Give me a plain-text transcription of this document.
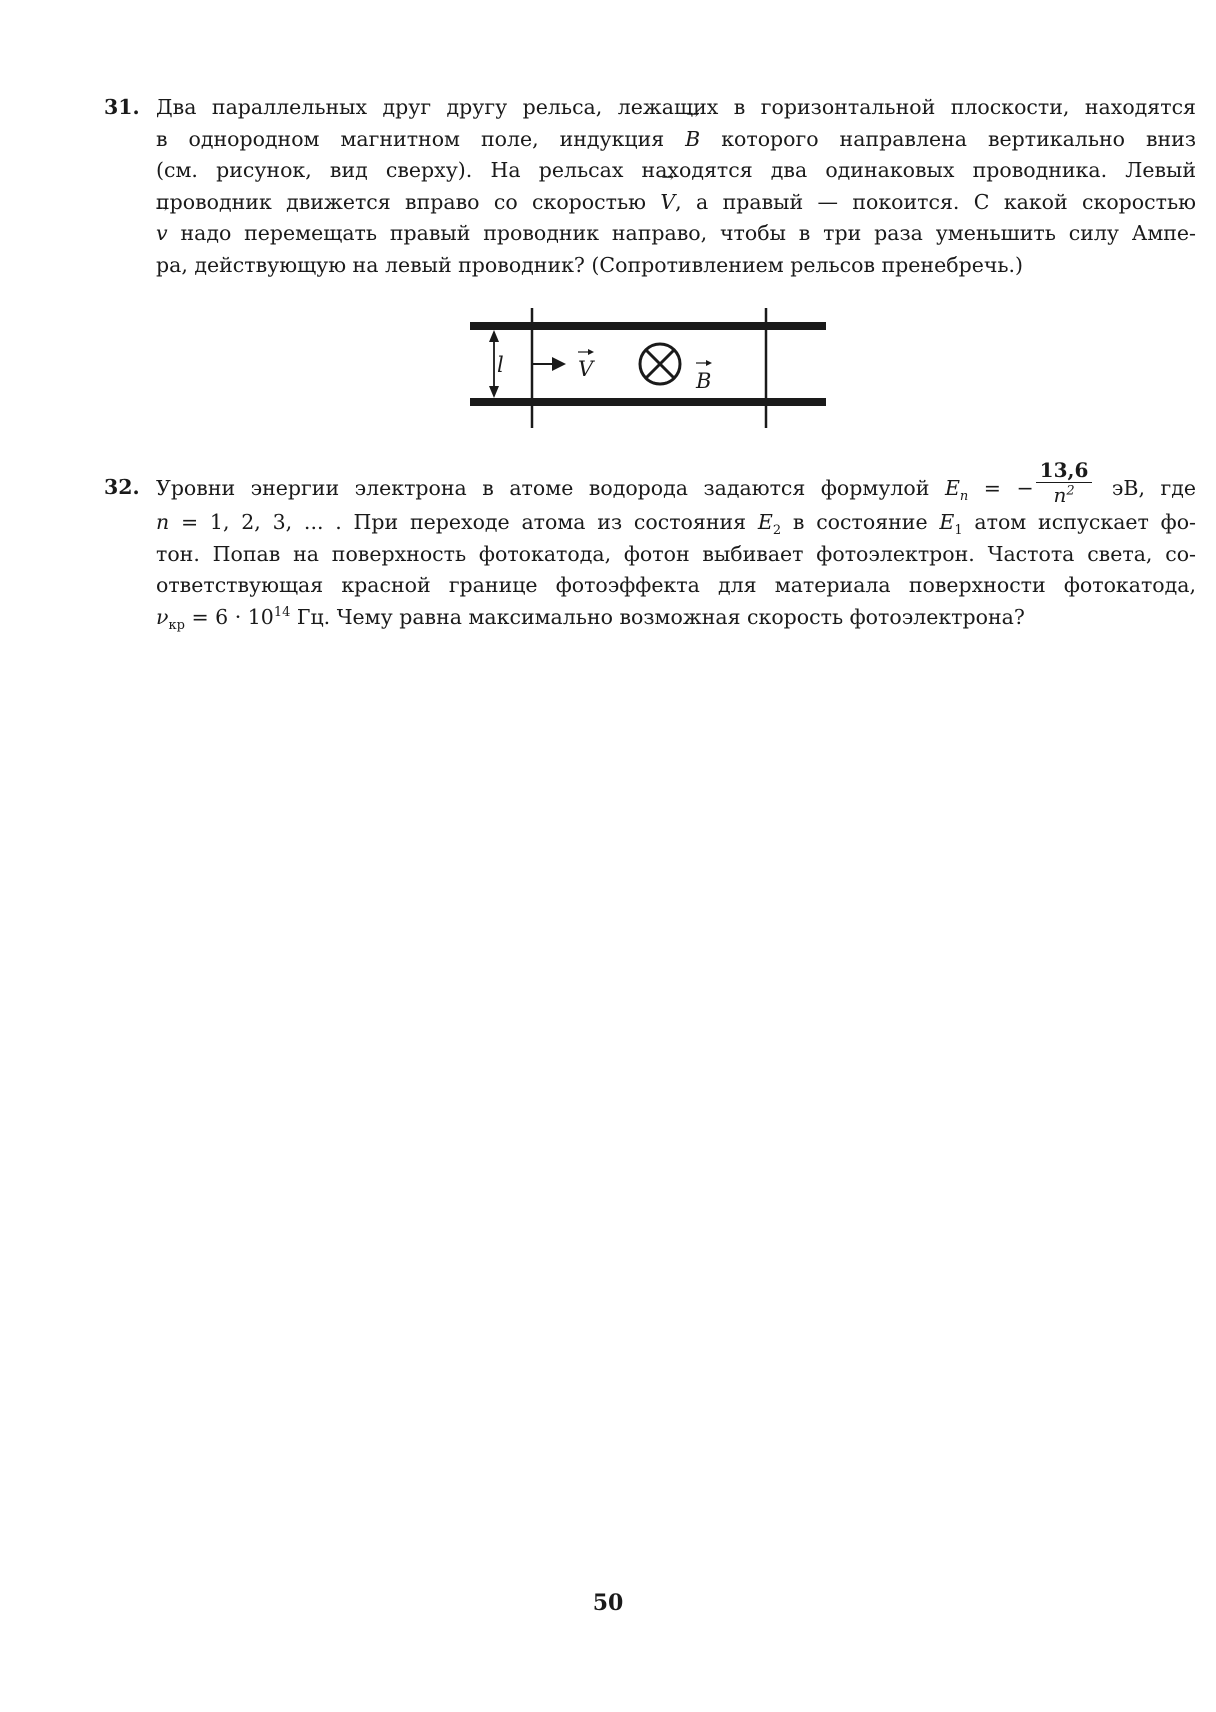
31. Два параллельных друг другу рельса, лежащих в горизонтальной плоскости, находятся
в однородном магнитном поле, индукция → B которого направлена вертикально вниз
(см. рисунок, вид сверху). На рельсах находятся два одинаковых проводника. Левый
проводник движется вправо со скоростью → V, а правый — покоится. С какой скоростью
→ v надо перемещать правый проводник направо, чтобы в три раза уменьшить силу Ампе-
ра, действующую на левый проводник? (Сопротивлением рельсов пренебречь.)
l	V	B
32. Уровни энергии электрона в атоме водорода задаются формулой $E_n$ = − $\frac{13,6}{n^2}$ эВ, где
n = 1, 2, 3, ... . При переходе атома из состояния $E_2$ в состояние $E_1$ атом испускает фо-
тон. Попав на поверхность фотокатода, фотон выбивает фотоэлектрон. Частота света, со-
ответствующая красной границе фотоэффекта для материала поверхности фотокатода,
$\nu_{кр} = 6 \cdot 10^{14}$ Гц. Чему равна максимально возможная скорость фотоэлектрона?
50
